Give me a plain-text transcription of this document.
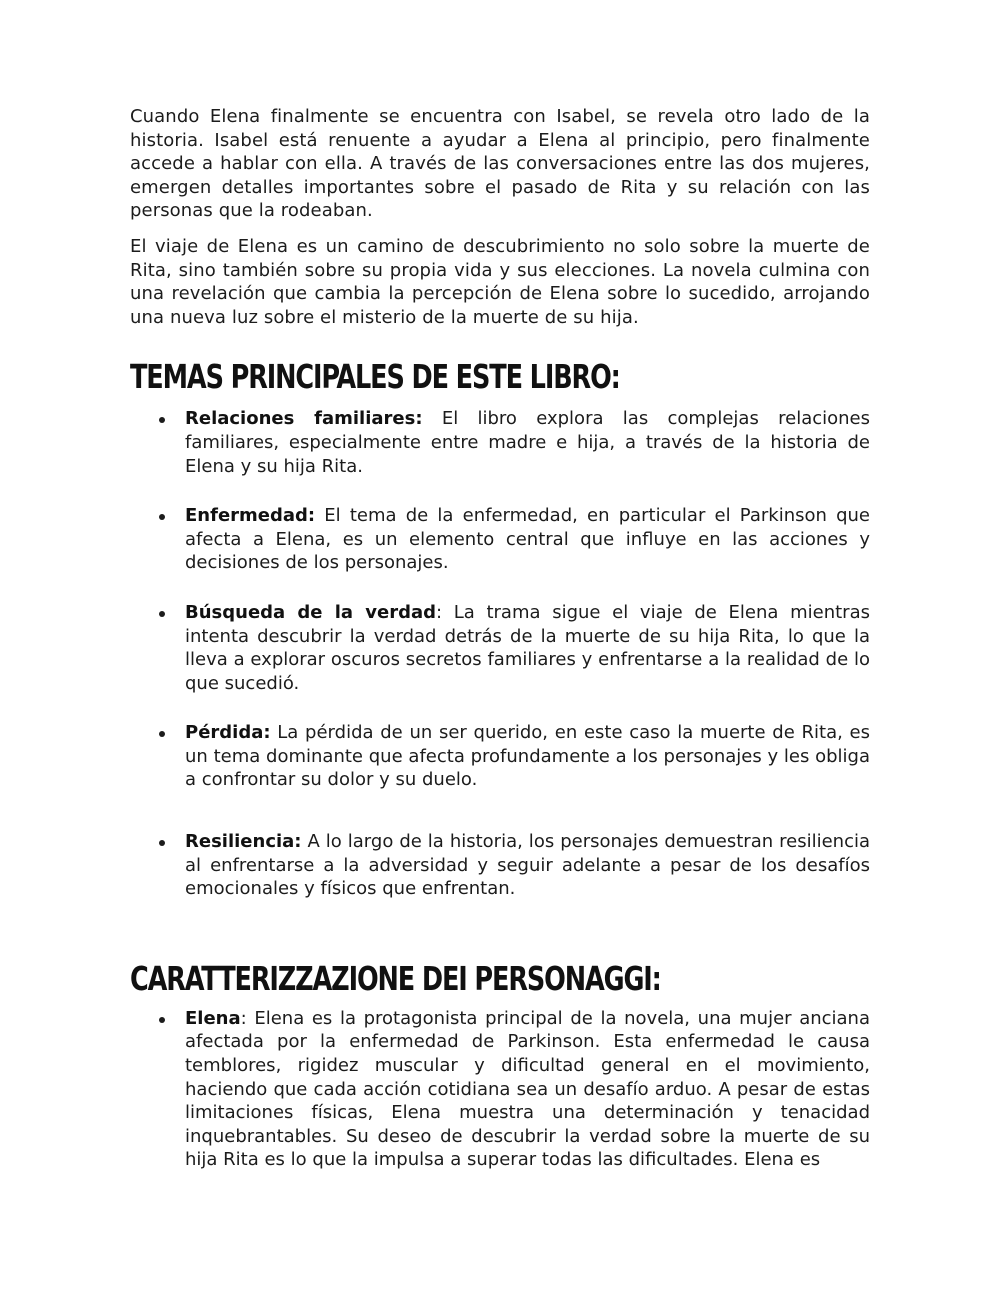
Cuando Elena finalmente se encuentra con Isabel, se revela otro lado de la historia. Isabel está renuente a ayudar a Elena al principio, pero finalmente accede a hablar con ella. A través de las conversaciones entre las dos mujeres, emergen detalles importantes sobre el pasado de Rita y su relación con las personas que la rodeaban.

El viaje de Elena es un camino de descubrimiento no solo sobre la muerte de Rita, sino también sobre su propia vida y sus elecciones. La novela culmina con una revelación que cambia la percepción de Elena sobre lo sucedido, arrojando una nueva luz sobre el misterio de la muerte de su hija.

TEMAS PRINCIPALES DE ESTE LIBRO:
Relaciones familiares: El libro explora las complejas relaciones familiares, especialmente entre madre e hija, a través de la historia de Elena y su hija Rita.
Enfermedad: El tema de la enfermedad, en particular el Parkinson que afecta a Elena, es un elemento central que influye en las acciones y decisiones de los personajes.
Búsqueda de la verdad: La trama sigue el viaje de Elena mientras intenta descubrir la verdad detrás de la muerte de su hija Rita, lo que la lleva a explorar oscuros secretos familiares y enfrentarse a la realidad de lo que sucedió.
Pérdida: La pérdida de un ser querido, en este caso la muerte de Rita, es un tema dominante que afecta profundamente a los personajes y les obliga a confrontar su dolor y su duelo.
Resiliencia: A lo largo de la historia, los personajes demuestran resiliencia al enfrentarse a la adversidad y seguir adelante a pesar de los desafíos emocionales y físicos que enfrentan.
CARATTERIZZAZIONE DEI PERSONAGGI:
Elena: Elena es la protagonista principal de la novela, una mujer anciana afectada por la enfermedad de Parkinson. Esta enfermedad le causa temblores, rigidez muscular y dificultad general en el movimiento, haciendo que cada acción cotidiana sea un desafío arduo. A pesar de estas limitaciones físicas, Elena muestra una determinación y tenacidad inquebrantables. Su deseo de descubrir la verdad sobre la muerte de su hija Rita es lo que la impulsa a superar todas las dificultades. Elena es
